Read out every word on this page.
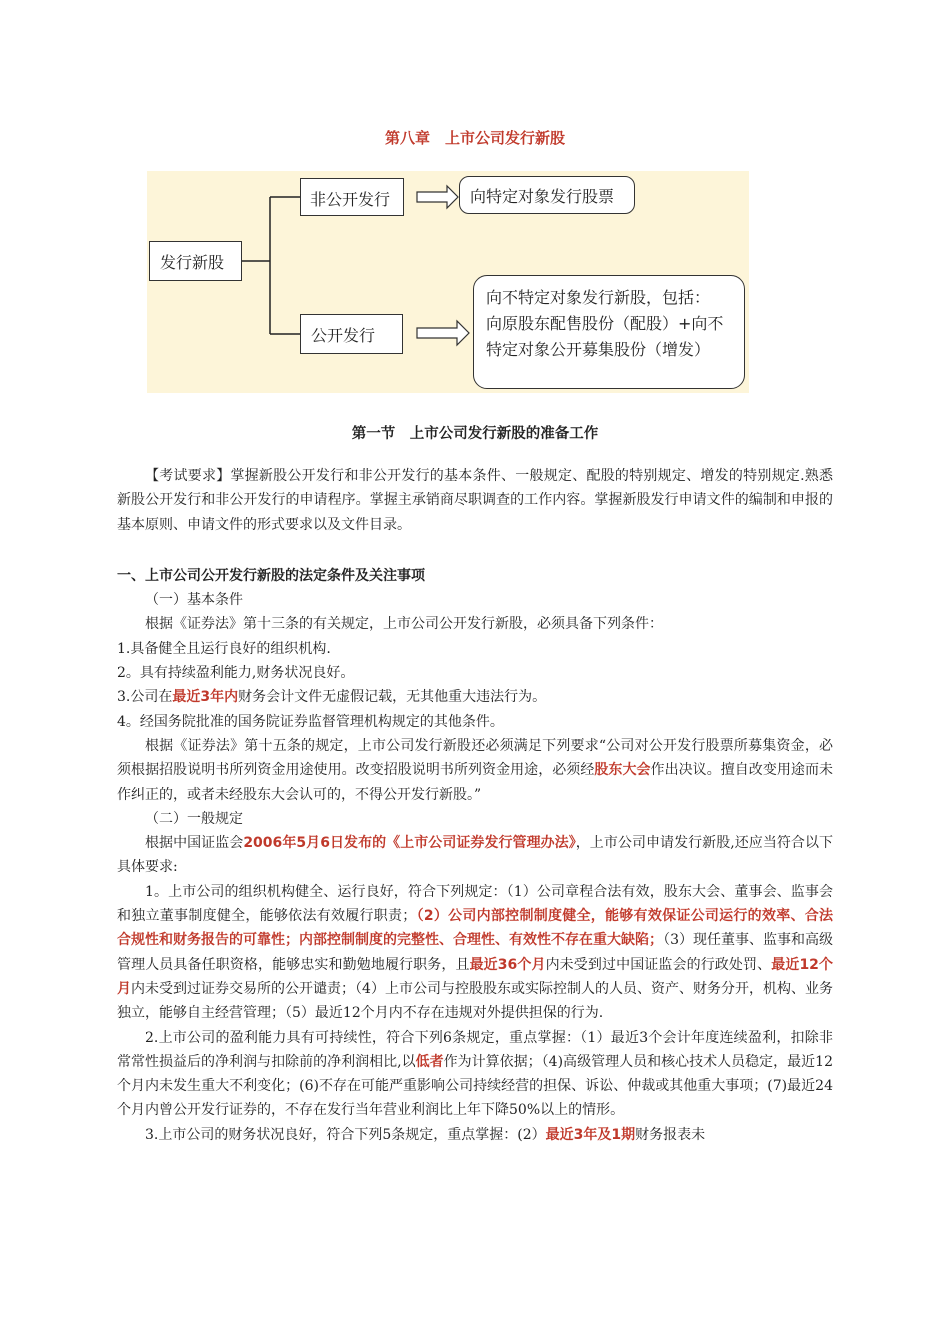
第八章　上市公司发行新股
发行新股
非公开发行	向特定对象发行股票
公开发行
向不特定对象发行新股，包括：
向原股东配售股份（配股）+向不
特定对象公开募集股份（增发）
第一节　上市公司发行新股的准备工作

【考试要求】掌握新股公开发行和非公开发行的基本条件、一般规定、配股的特别规定、增发的特别规定.熟悉新股公开发行和非公开发行的申请程序。掌握主承销商尽职调查的工作内容。掌握新股发行申请文件的编制和申报的基本原则、申请文件的形式要求以及文件目录。

一、上市公司公开发行新股的法定条件及关注事项

（一）基本条件

根据《证券法》第十三条的有关规定，上市公司公开发行新股，必须具备下列条件：

1.具备健全且运行良好的组织机构.

2。具有持续盈利能力,财务状况良好。

3.公司在最近3年内财务会计文件无虚假记载，无其他重大违法行为。

4。经国务院批准的国务院证券监督管理机构规定的其他条件。

根据《证券法》第十五条的规定，上市公司发行新股还必须满足下列要求“公司对公开发行股票所募集资金，必须根据招股说明书所列资金用途使用。改变招股说明书所列资金用途，必须经股东大会作出决议。擅自改变用途而未作纠正的，或者未经股东大会认可的，不得公开发行新股。”

（二）一般规定

根据中国证监会2006年5月6日发布的《上市公司证券发行管理办法》，上市公司申请发行新股,还应当符合以下具体要求:

1。上市公司的组织机构健全、运行良好，符合下列规定：（1）公司章程合法有效，股东大会、董事会、监事会和独立董事制度健全，能够依法有效履行职责；（2）公司内部控制制度健全，能够有效保证公司运行的效率、合法合规性和财务报告的可靠性；内部控制制度的完整性、合理性、有效性不存在重大缺陷；（3）现任董事、监事和高级管理人员具备任职资格，能够忠实和勤勉地履行职务，且最近36个月内未受到过中国证监会的行政处罚、最近12个月内未受到过证券交易所的公开谴责；（4）上市公司与控股股东或实际控制人的人员、资产、财务分开，机构、业务独立，能够自主经营管理；（5）最近12个月内不存在违规对外提供担保的行为.

2.上市公司的盈利能力具有可持续性，符合下列6条规定，重点掌握：（1）最近3个会计年度连续盈利，扣除非常常性损益后的净利润与扣除前的净利润相比,以低者作为计算依据；（4)高级管理人员和核心技术人员稳定，最近12个月内未发生重大不利变化；(6)不存在可能严重影响公司持续经营的担保、诉讼、仲裁或其他重大事项；(7)最近24个月内曾公开发行证券的，不存在发行当年营业利润比上年下降50%以上的情形。

3.上市公司的财务状况良好，符合下列5条规定，重点掌握：(2）最近3年及1期财务报表未
